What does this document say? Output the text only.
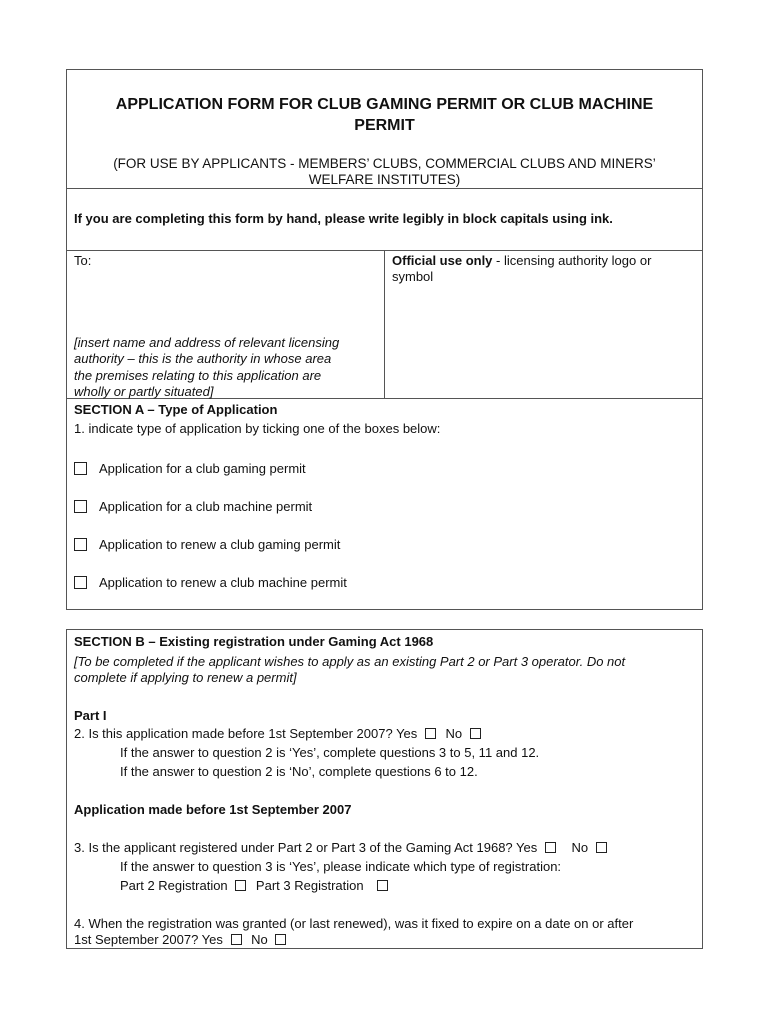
APPLICATION FORM FOR CLUB GAMING PERMIT OR CLUB MACHINE
PERMIT
(FOR USE BY APPLICANTS - MEMBERS’ CLUBS, COMMERCIAL CLUBS AND MINERS’
WELFARE INSTITUTES)
If you are completing this form by hand, please write legibly in block capitals using ink.
To:
[insert name and address of relevant licensing
authority – this is the authority in whose area
the premises relating to this application are
wholly or partly situated]
Official use only - licensing authority logo or
symbol
SECTION A – Type of Application
1. indicate type of application by ticking one of the boxes below:
Application for a club gaming permit
Application for a club machine permit
Application to renew a club gaming permit
Application to renew a club machine permit
SECTION B – Existing registration under Gaming Act 1968
[To be completed if the applicant wishes to apply as an existing Part 2 or Part 3 operator. Do not
complete if applying to renew a permit]
Part I
2. Is this application made before 1st September 2007? Yes No
If the answer to question 2 is ‘Yes’, complete questions 3 to 5, 11 and 12.
If the answer to question 2 is ‘No’, complete questions 6 to 12.
Application made before 1st September 2007
3. Is the applicant registered under Part 2 or Part 3 of the Gaming Act 1968? Yes	No
If the answer to question 3 is ‘Yes’, please indicate which type of registration:
Part 2 Registration Part 3 Registration
4. When the registration was granted (or last renewed), was it fixed to expire on a date on or after
1st September 2007? Yes No
